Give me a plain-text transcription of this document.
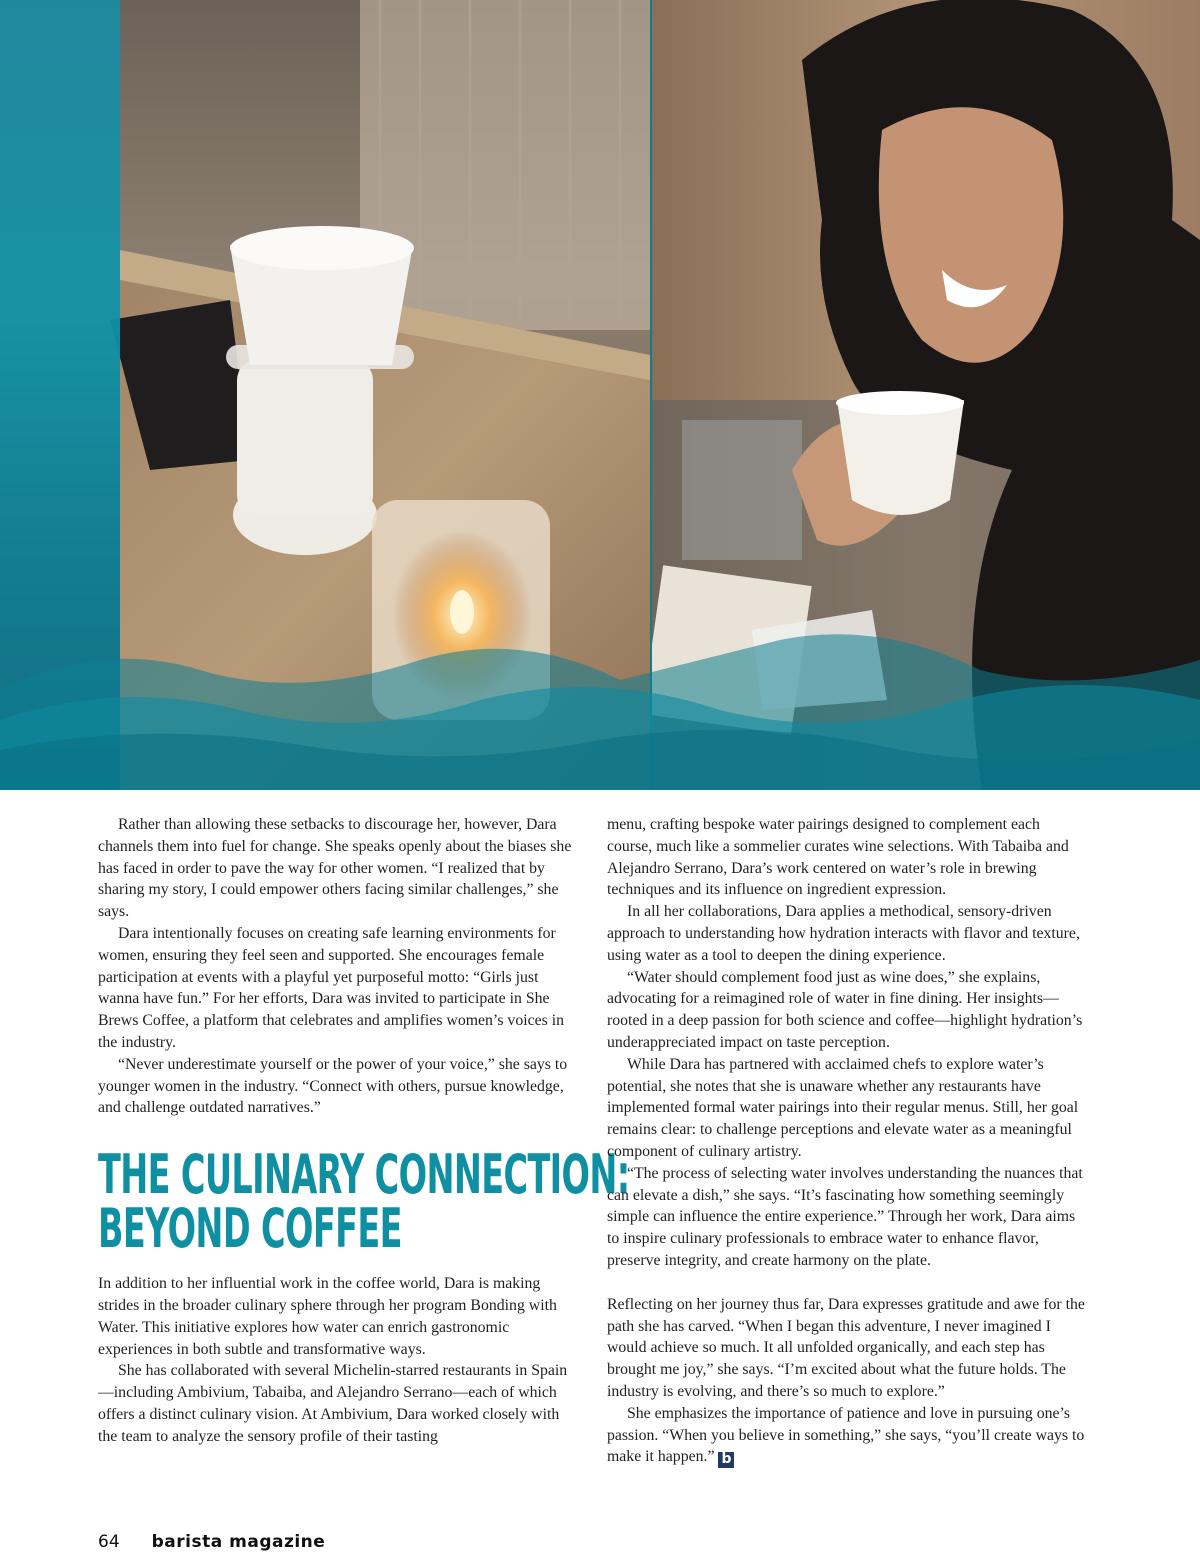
Rather than allowing these setbacks to discourage her, however, Dara channels them into fuel for change. She speaks openly about the biases she has faced in order to pave the way for other women. “I realized that by sharing my story, I could empower others facing similar challenges,” she says.

Dara intentionally focuses on creating safe learning environments for women, ensuring they feel seen and supported. She encourages female participation at events with a playful yet purposeful motto: “Girls just wanna have fun.” For her efforts, Dara was invited to participate in She Brews Coffee, a platform that celebrates and amplifies women’s voices in the industry.

“Never underestimate yourself or the power of your voice,” she says to younger women in the industry. “Connect with others, pursue knowledge, and challenge outdated narratives.”

THE CULINARY CONNECTION:
BEYOND COFFEE

In addition to her influential work in the coffee world, Dara is making strides in the broader culinary sphere through her program Bonding with Water. This initiative explores how water can enrich gastronomic experiences in both subtle and transformative ways.

She has collaborated with several Michelin-starred restaurants in Spain—including Ambivium, Tabaiba, and Alejandro Serrano—each of which offers a distinct culinary vision. At Ambivium, Dara worked closely with the team to analyze the sensory profile of their tasting

menu, crafting bespoke water pairings designed to complement each course, much like a sommelier curates wine selections. With Tabaiba and Alejandro Serrano, Dara’s work centered on water’s role in brewing techniques and its influence on ingredient expression.

In all her collaborations, Dara applies a methodical, sensory-driven approach to understanding how hydration interacts with flavor and texture, using water as a tool to deepen the dining experience.

“Water should complement food just as wine does,” she explains, advocating for a reimagined role of water in fine dining. Her insights—rooted in a deep passion for both science and coffee—highlight hydration’s underappreciated impact on taste perception.

While Dara has partnered with acclaimed chefs to explore water’s potential, she notes that she is unaware whether any restaurants have implemented formal water pairings into their regular menus. Still, her goal remains clear: to challenge perceptions and elevate water as a meaningful component of culinary artistry.

“The process of selecting water involves understanding the nuances that can elevate a dish,” she says. “It’s fascinating how something seemingly simple can influence the entire experience.” Through her work, Dara aims to inspire culinary professionals to embrace water to enhance flavor, preserve integrity, and create harmony on the plate.

Reflecting on her journey thus far, Dara expresses gratitude and awe for the path she has carved. “When I began this adventure, I never imagined I would achieve so much. It all unfolded organically, and each step has brought me joy,” she says. “I’m excited about what the future holds. The industry is evolving, and there’s so much to explore.”

She emphasizes the importance of patience and love in pursuing one’s passion. “When you believe in something,” she says, “you’ll create ways to make it happen.” b

64 barista magazine
